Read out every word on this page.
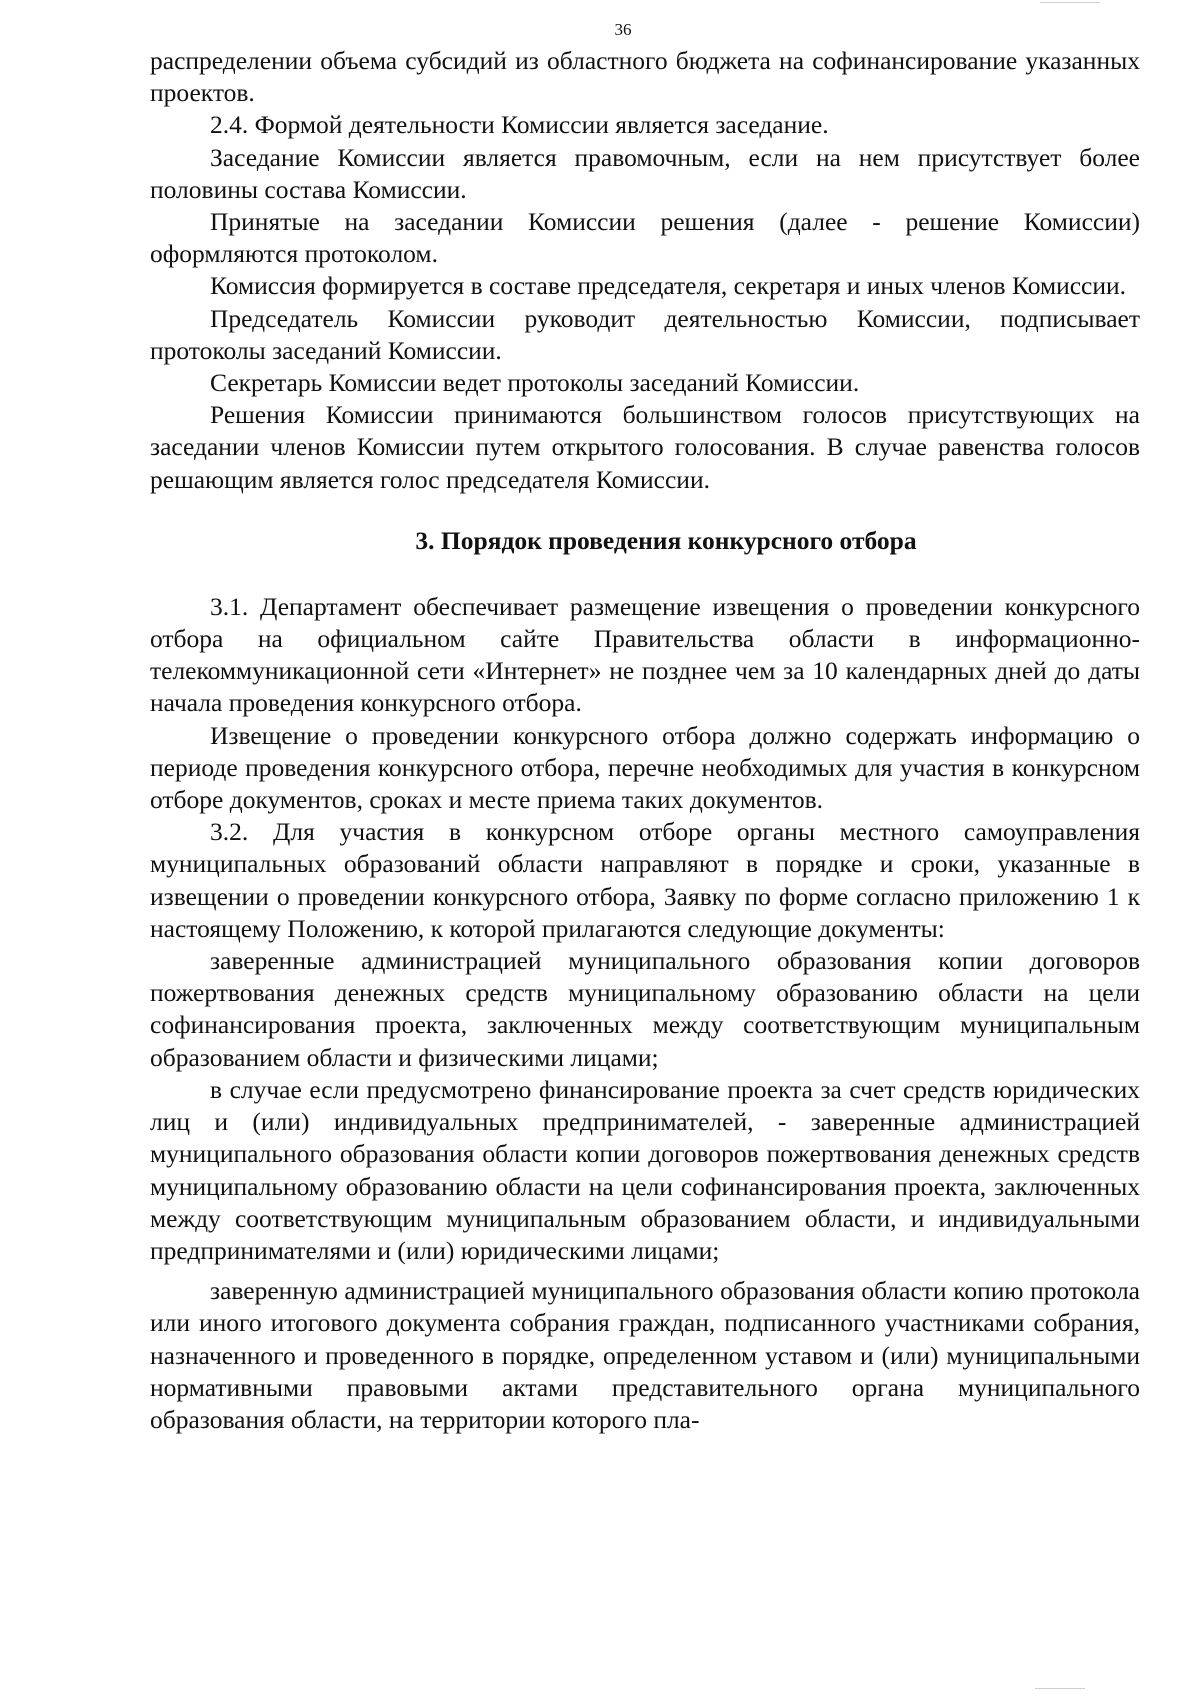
36

распределении объема субсидий из областного бюджета на софинансирование указанных проектов.

2.4. Формой деятельности Комиссии является заседание.

Заседание Комиссии является правомочным, если на нем присутствует более половины состава Комиссии.

Принятые на заседании Комиссии решения (далее - решение Комиссии) оформляются протоколом.

Комиссия формируется в составе председателя, секретаря и иных членов Комиссии.

Председатель Комиссии руководит деятельностью Комиссии, подписывает протоколы заседаний Комиссии.

Секретарь Комиссии ведет протоколы заседаний Комиссии.

Решения Комиссии принимаются большинством голосов присутствующих на заседании членов Комиссии путем открытого голосования. В случае равенства голосов решающим является голос председателя Комиссии.

3. Порядок проведения конкурсного отбора

3.1. Департамент обеспечивает размещение извещения о проведении конкурсного отбора на официальном сайте Правительства области в информационно-телекоммуникационной сети «Интернет» не позднее чем за 10 календарных дней до даты начала проведения конкурсного отбора.

Извещение о проведении конкурсного отбора должно содержать информацию о периоде проведения конкурсного отбора, перечне необходимых для участия в конкурсном отборе документов, сроках и месте приема таких документов.

3.2. Для участия в конкурсном отборе органы местного самоуправления муниципальных образований области направляют в порядке и сроки, указанные в извещении о проведении конкурсного отбора, Заявку по форме согласно приложению 1 к настоящему Положению, к которой прилагаются следующие документы:

заверенные администрацией муниципального образования копии договоров пожертвования денежных средств муниципальному образованию области на цели софинансирования проекта, заключенных между соответствующим муниципальным образованием области и физическими лицами;

в случае если предусмотрено финансирование проекта за счет средств юридических лиц и (или) индивидуальных предпринимателей, - заверенные администрацией муниципального образования области копии договоров пожертвования денежных средств муниципальному образованию области на цели софинансирования проекта, заключенных между соответствующим муниципальным образованием области, и индивидуальными предпринимателями и (или) юридическими лицами;

заверенную администрацией муниципального образования области копию протокола или иного итогового документа собрания граждан, подписанного участниками собрания, назначенного и проведенного в порядке, определенном уставом и (или) муниципальными нормативными правовыми актами представительного органа муниципального образования области, на территории которого пла-
